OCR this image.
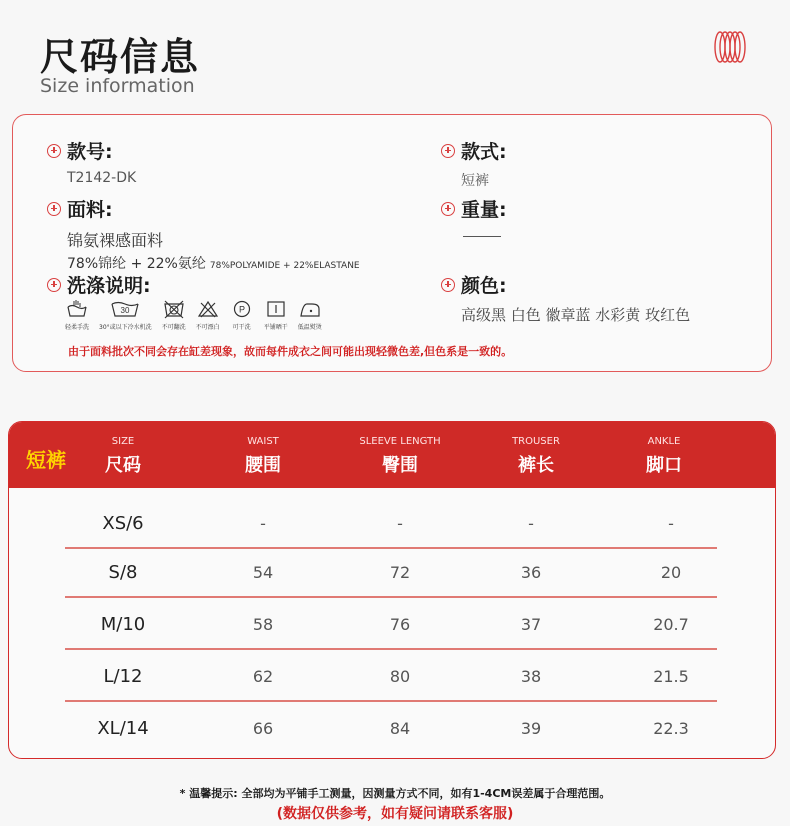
尺码信息
Size information
款号:
T2142-DK
款式:
短裤
面料:
锦氨裸感面料
78%锦纶 + 22%氨纶 78%POLYAMIDE + 22%ELASTANE
重量:
洗涤说明:
轻柔手洗
30
30°或以下冷水机洗 不可翻洗 不可漂白
P
可干洗 平铺晒干 低温熨烫
颜色:
高级黑 白色 徽章蓝 水彩黄 玫红色
由于面料批次不同会存在缸差现象，故而每件成衣之间可能出现轻微色差,但色系是一致的。
短裤
SIZE
尺码
WAIST
腰围
SLEEVE LENGTH
臀围
TROUSER
裤长
ANKLE
脚口
XS/6	-	-	-	-
S/8	54	72	36	20
M/10	58	76	37	20.7
L/12	62	80	38	21.5
XL/14	66	84	39	22.3
* 温馨提示: 全部均为平铺手工测量，因测量方式不同，如有1-4CM误差属于合理范围。
(数据仅供参考，如有疑问请联系客服)
